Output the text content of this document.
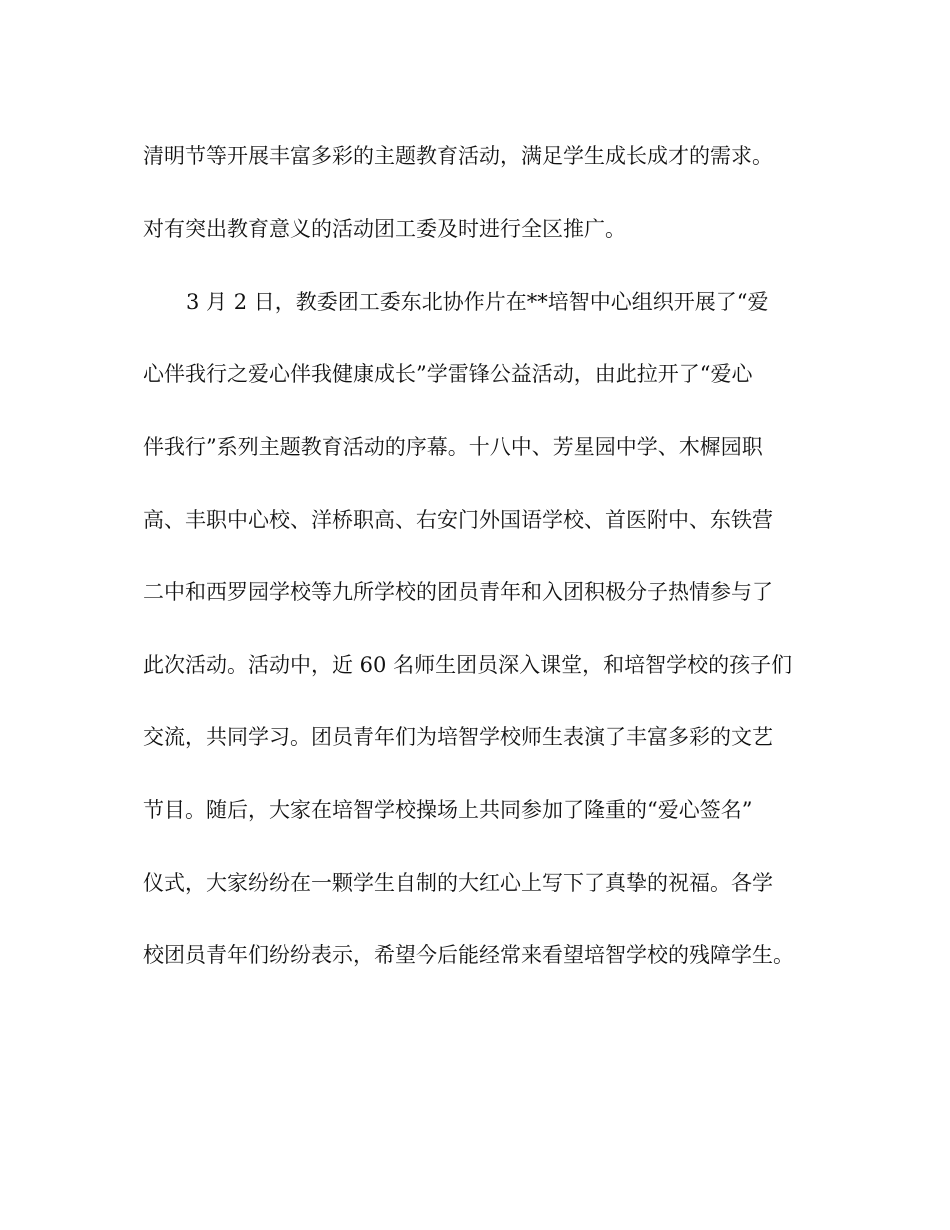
清明节等开展丰富多彩的主题教育活动，满足学生成长成才的需求。

对有突出教育意义的活动团工委及时进行全区推广。

3 月 2 日，教委团工委东北协作片在**培智中心组织开展了“爱

心伴我行之爱心伴我健康成长”学雷锋公益活动，由此拉开了“爱心

伴我行”系列主题教育活动的序幕。十八中、芳星园中学、木樨园职

高、丰职中心校、洋桥职高、右安门外国语学校、首医附中、东铁营

二中和西罗园学校等九所学校的团员青年和入团积极分子热情参与了

此次活动。活动中，近 60 名师生团员深入课堂，和培智学校的孩子们

交流，共同学习。团员青年们为培智学校师生表演了丰富多彩的文艺

节目。随后，大家在培智学校操场上共同参加了隆重的“爱心签名”

仪式，大家纷纷在一颗学生自制的大红心上写下了真挚的祝福。各学

校团员青年们纷纷表示，希望今后能经常来看望培智学校的残障学生。
